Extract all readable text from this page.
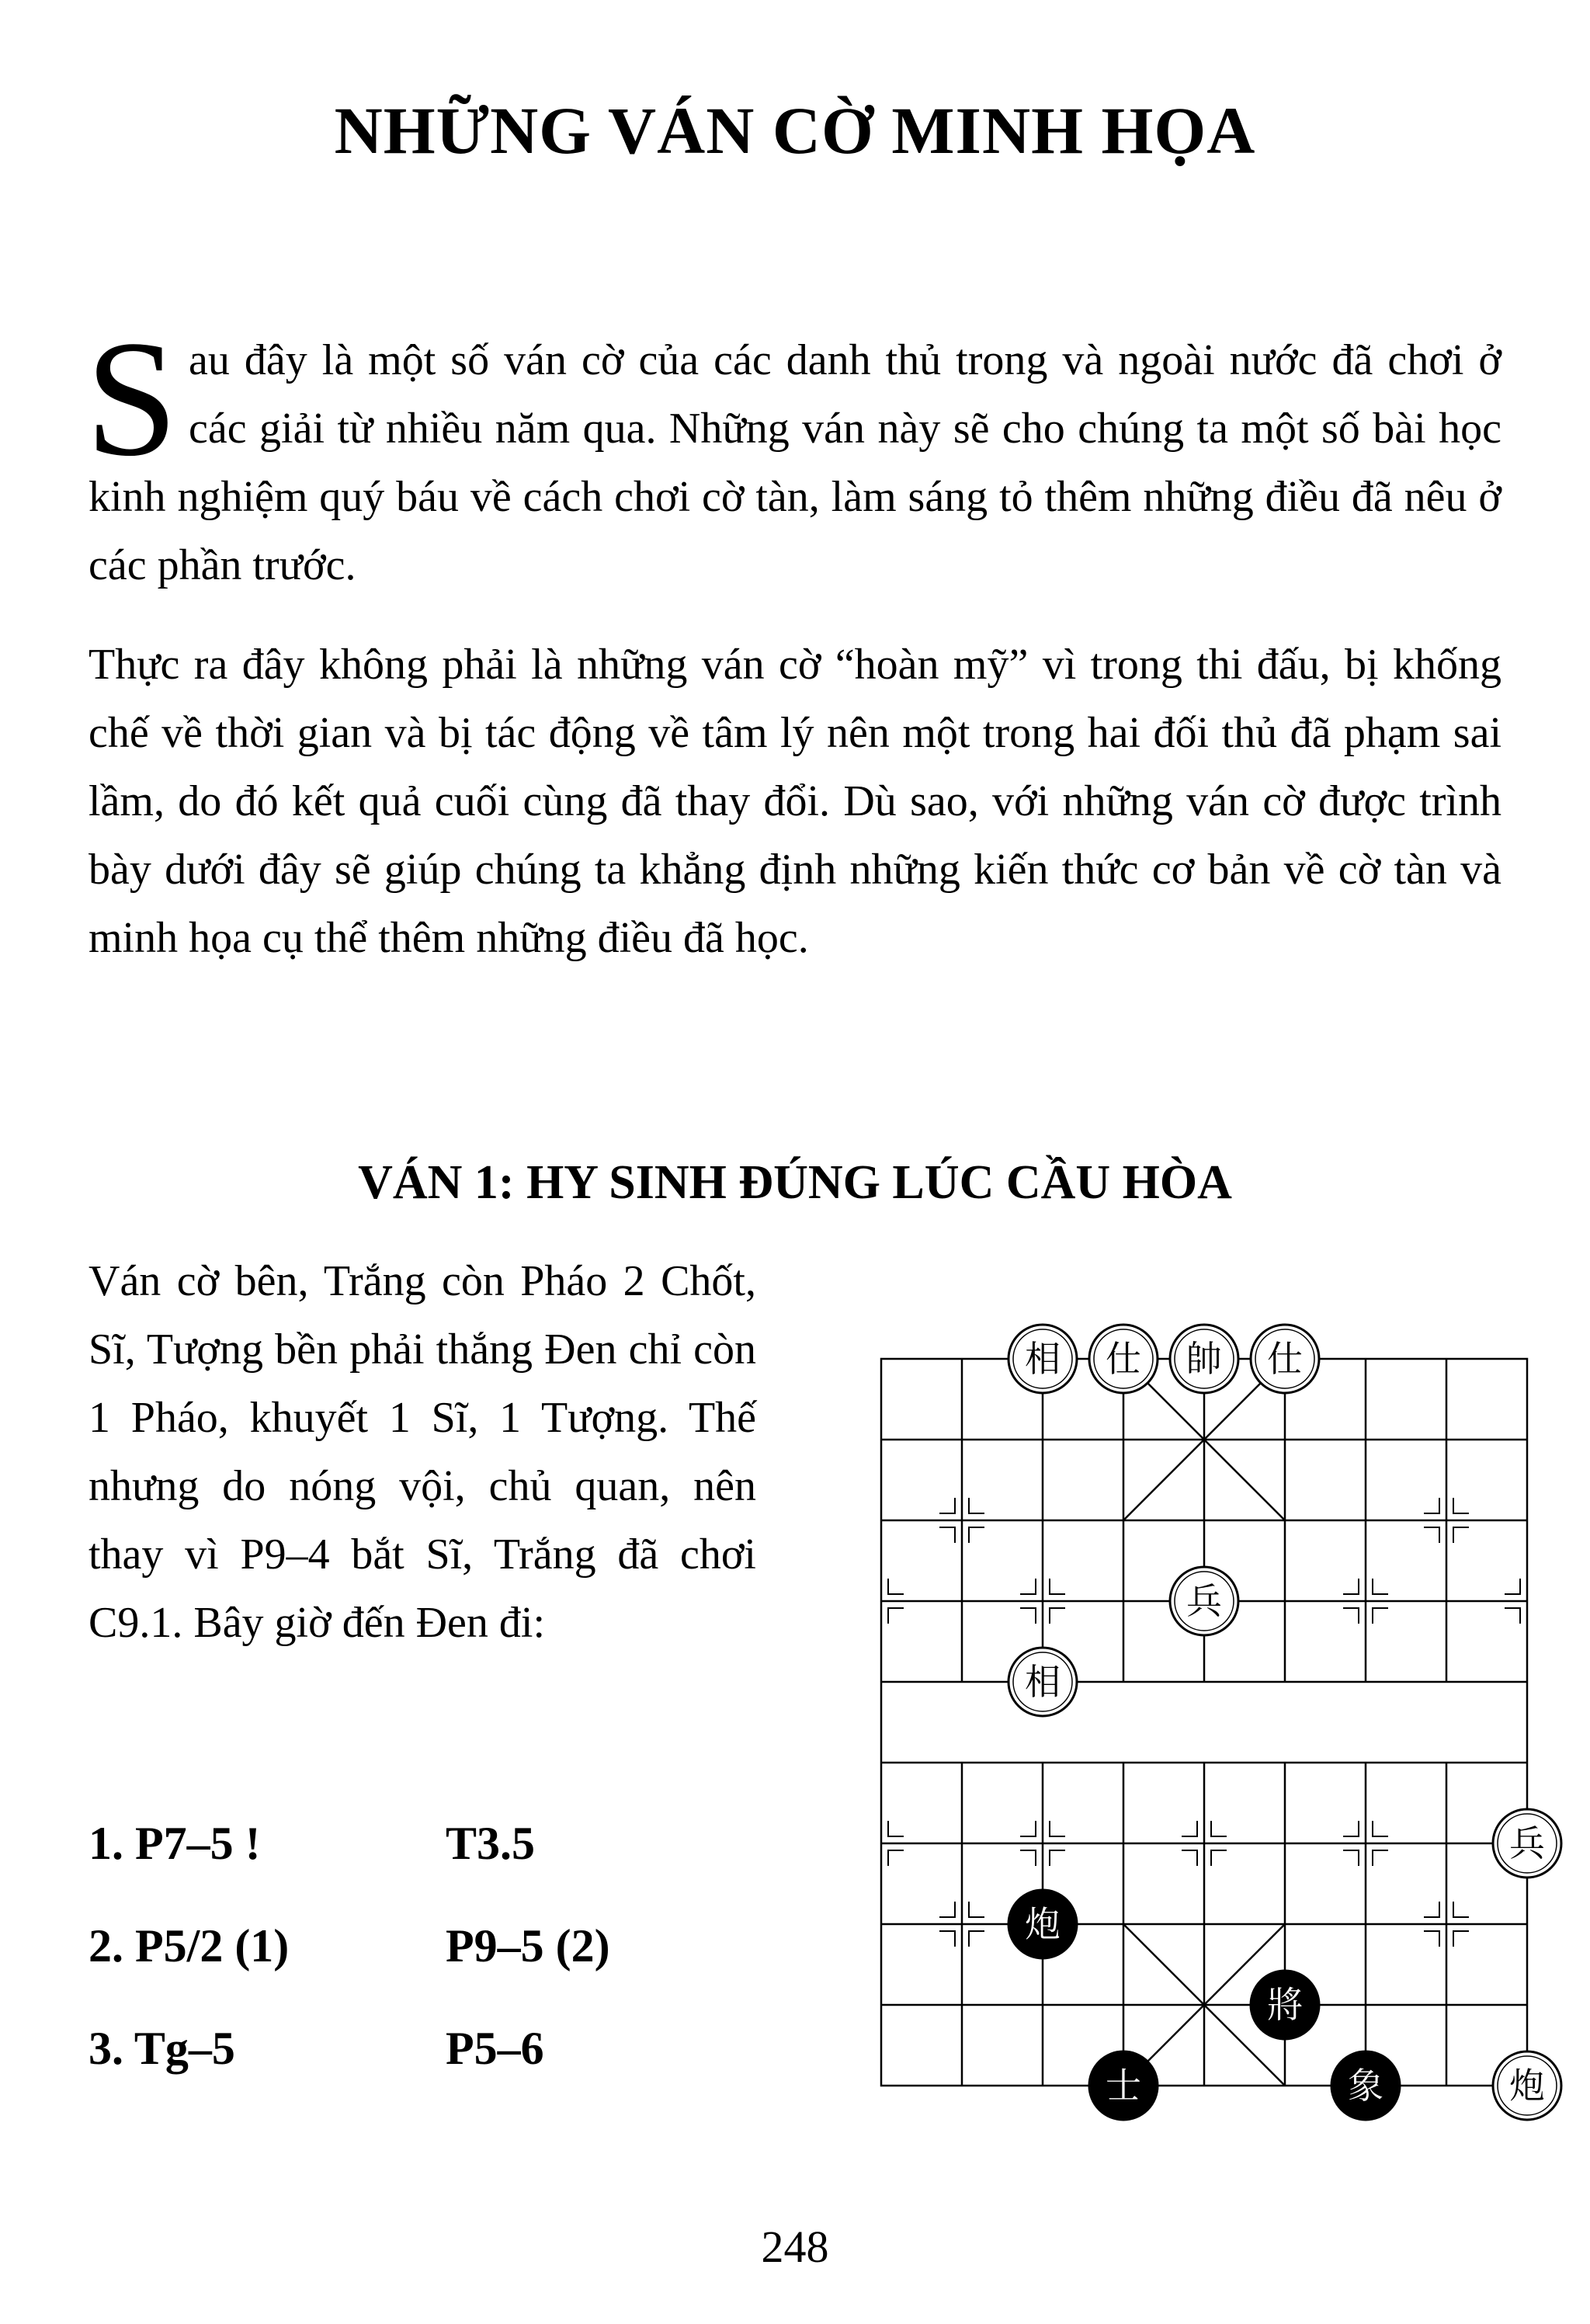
NHỮNG VÁN CỜ MINH HỌA

Sau đây là một số ván cờ của các danh thủ trong và ngoài nước đã chơi ở các giải từ nhiều năm qua. Những ván này sẽ cho chúng ta một số bài học kinh nghiệm quý báu về cách chơi cờ tàn, làm sáng tỏ thêm những điều đã nêu ở các phần trước.

Thực ra đây không phải là những ván cờ “hoàn mỹ” vì trong thi đấu, bị khống chế về thời gian và bị tác động về tâm lý nên một trong hai đối thủ đã phạm sai lầm, do đó kết quả cuối cùng đã thay đổi. Dù sao, với những ván cờ được trình bày dưới đây sẽ giúp chúng ta khẳng định những kiến thức cơ bản về cờ tàn và minh họa cụ thể thêm những điều đã học.

VÁN 1: HY SINH ĐÚNG LÚC CẦU HÒA

Ván cờ bên, Trắng còn Pháo 2 Chốt, Sĩ, Tượng bền phải thắng Đen chỉ còn 1 Pháo, khuyết 1 Sĩ, 1 Tượng. Thế nhưng do nóng vội, chủ quan, nên thay vì P9–4 bắt Sĩ, Trắng đã chơi C9.1. Bây giờ đến Đen đi:

1. P7–5 !	T3.5
2. P5/2 (1)	P9–5 (2)
3. Tg–5	P5–6
相 仕 帥 仕
兵
相
兵
炮
將
士	象	炮
248
